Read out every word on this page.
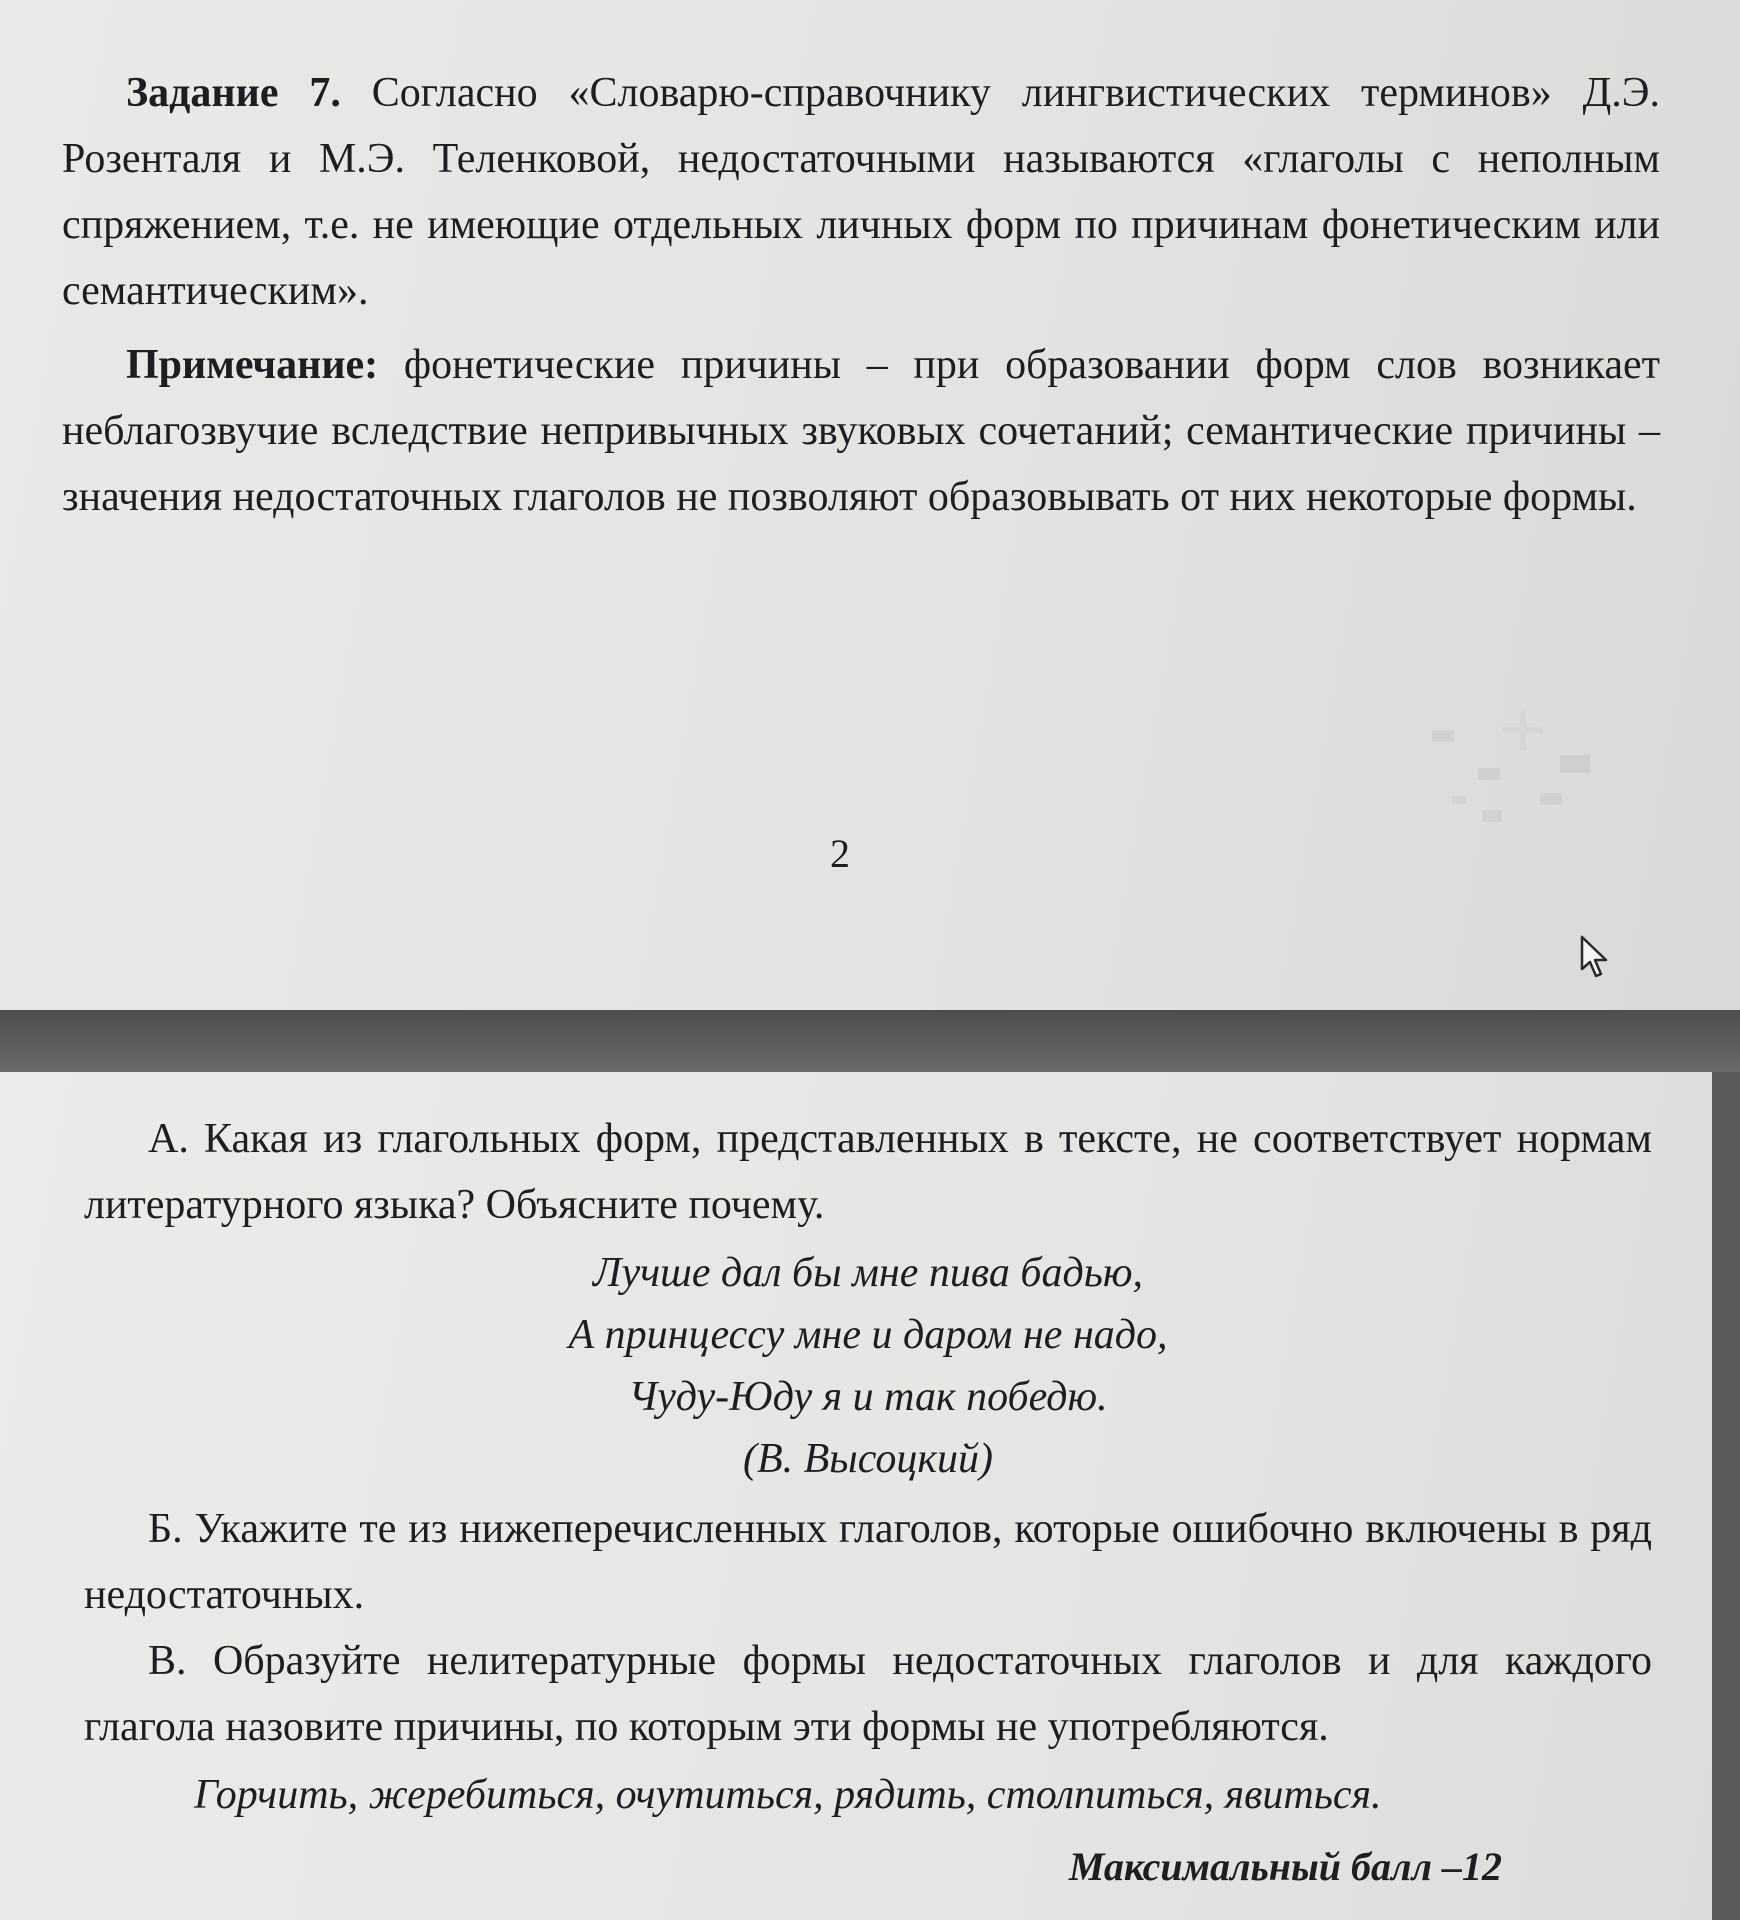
Задание 7. Согласно «Словарю-справочнику лингвистических терминов» Д.Э. Розенталя и М.Э. Теленковой, недостаточными называются «глаголы с неполным спряжением, т.е. не имеющие отдельных личных форм по причинам фонетическим или семантическим».

Примечание: фонетические причины – при образовании форм слов возникает неблагозвучие вследствие непривычных звуковых сочетаний; семантические причины – значения недостаточных глаголов не позволяют образовывать от них некоторые формы.

2

А. Какая из глагольных форм, представленных в тексте, не соответствует нормам литературного языка? Объясните почему.

Лучше дал бы мне пива бадью,
А принцессу мне и даром не надо,
Чуду-Юду я и так победю.
(В. Высоцкий)

Б. Укажите те из нижеперечисленных глаголов, которые ошибочно включены в ряд недостаточных.

В. Образуйте нелитературные формы недостаточных глаголов и для каждого глагола назовите причины, по которым эти формы не употребляются.

Горчить, жеребиться, очутиться, рядить, столпиться, явиться.

Максимальный балл –12
